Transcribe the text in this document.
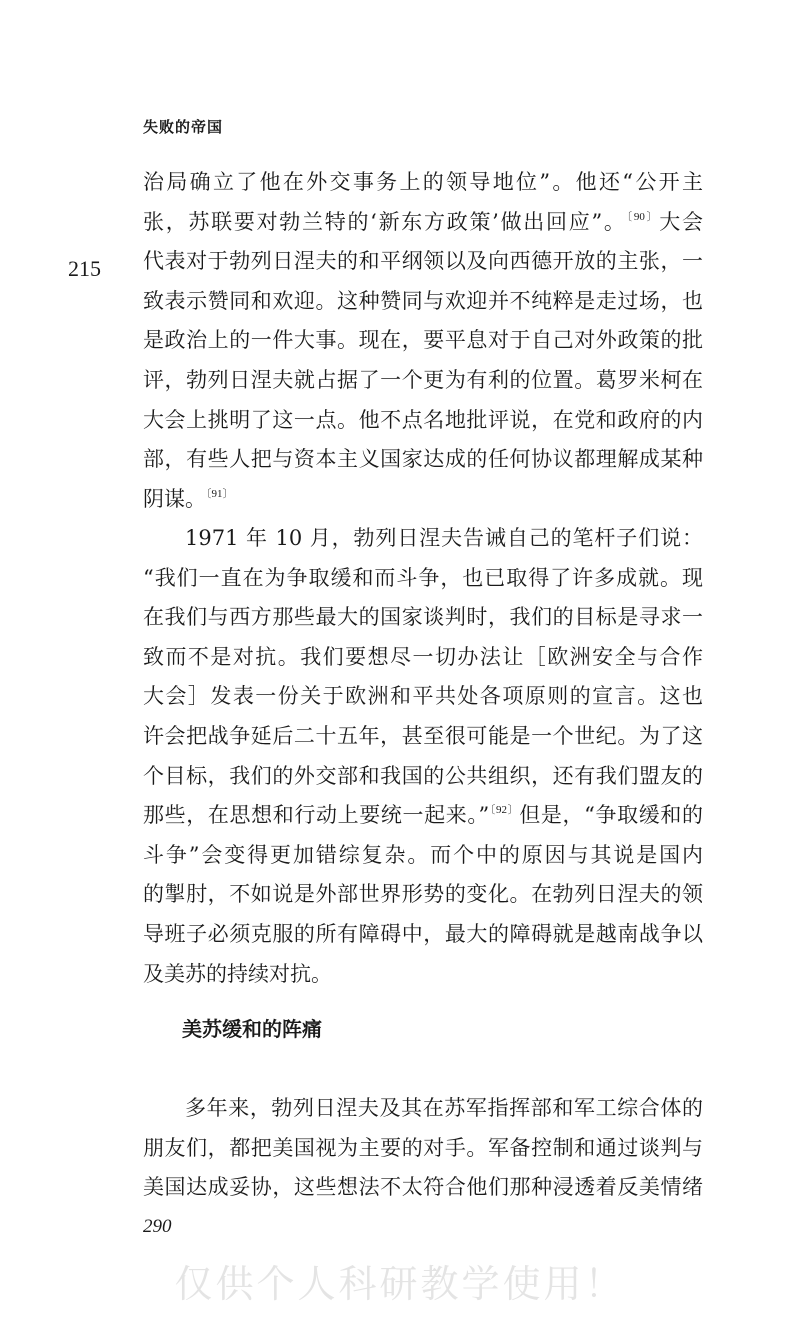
失败的帝国
215
治局确立了他在外交事务上的领导地位”。他还“公开主
张，苏联要对勃兰特的‘新东方政策’做出回应”。$^{〔90〕}$大会
代表对于勃列日涅夫的和平纲领以及向西德开放的主张，一
致表示赞同和欢迎。这种赞同与欢迎并不纯粹是走过场，也
是政治上的一件大事。现在，要平息对于自己对外政策的批
评，勃列日涅夫就占据了一个更为有利的位置。葛罗米柯在
大会上挑明了这一点。他不点名地批评说，在党和政府的内
部，有些人把与资本主义国家达成的任何协议都理解成某种
阴谋。$^{〔91〕}$
1971 年 10 月，勃列日涅夫告诫自己的笔杆子们说：
“我们一直在为争取缓和而斗争，也已取得了许多成就。现
在我们与西方那些最大的国家谈判时，我们的目标是寻求一
致而不是对抗。我们要想尽一切办法让［欧洲安全与合作
大会］发表一份关于欧洲和平共处各项原则的宣言。这也
许会把战争延后二十五年，甚至很可能是一个世纪。为了这
个目标，我们的外交部和我国的公共组织，还有我们盟友的
那些，在思想和行动上要统一起来。”$^{〔92〕}$但是，“争取缓和的
斗争”会变得更加错综复杂。而个中的原因与其说是国内
的掣肘，不如说是外部世界形势的变化。在勃列日涅夫的领
导班子必须克服的所有障碍中，最大的障碍就是越南战争以
及美苏的持续对抗。
美苏缓和的阵痛
多年来，勃列日涅夫及其在苏军指挥部和军工综合体的
朋友们，都把美国视为主要的对手。军备控制和通过谈判与
美国达成妥协，这些想法不太符合他们那种浸透着反美情绪
290
仅供个人科研教学使用！
